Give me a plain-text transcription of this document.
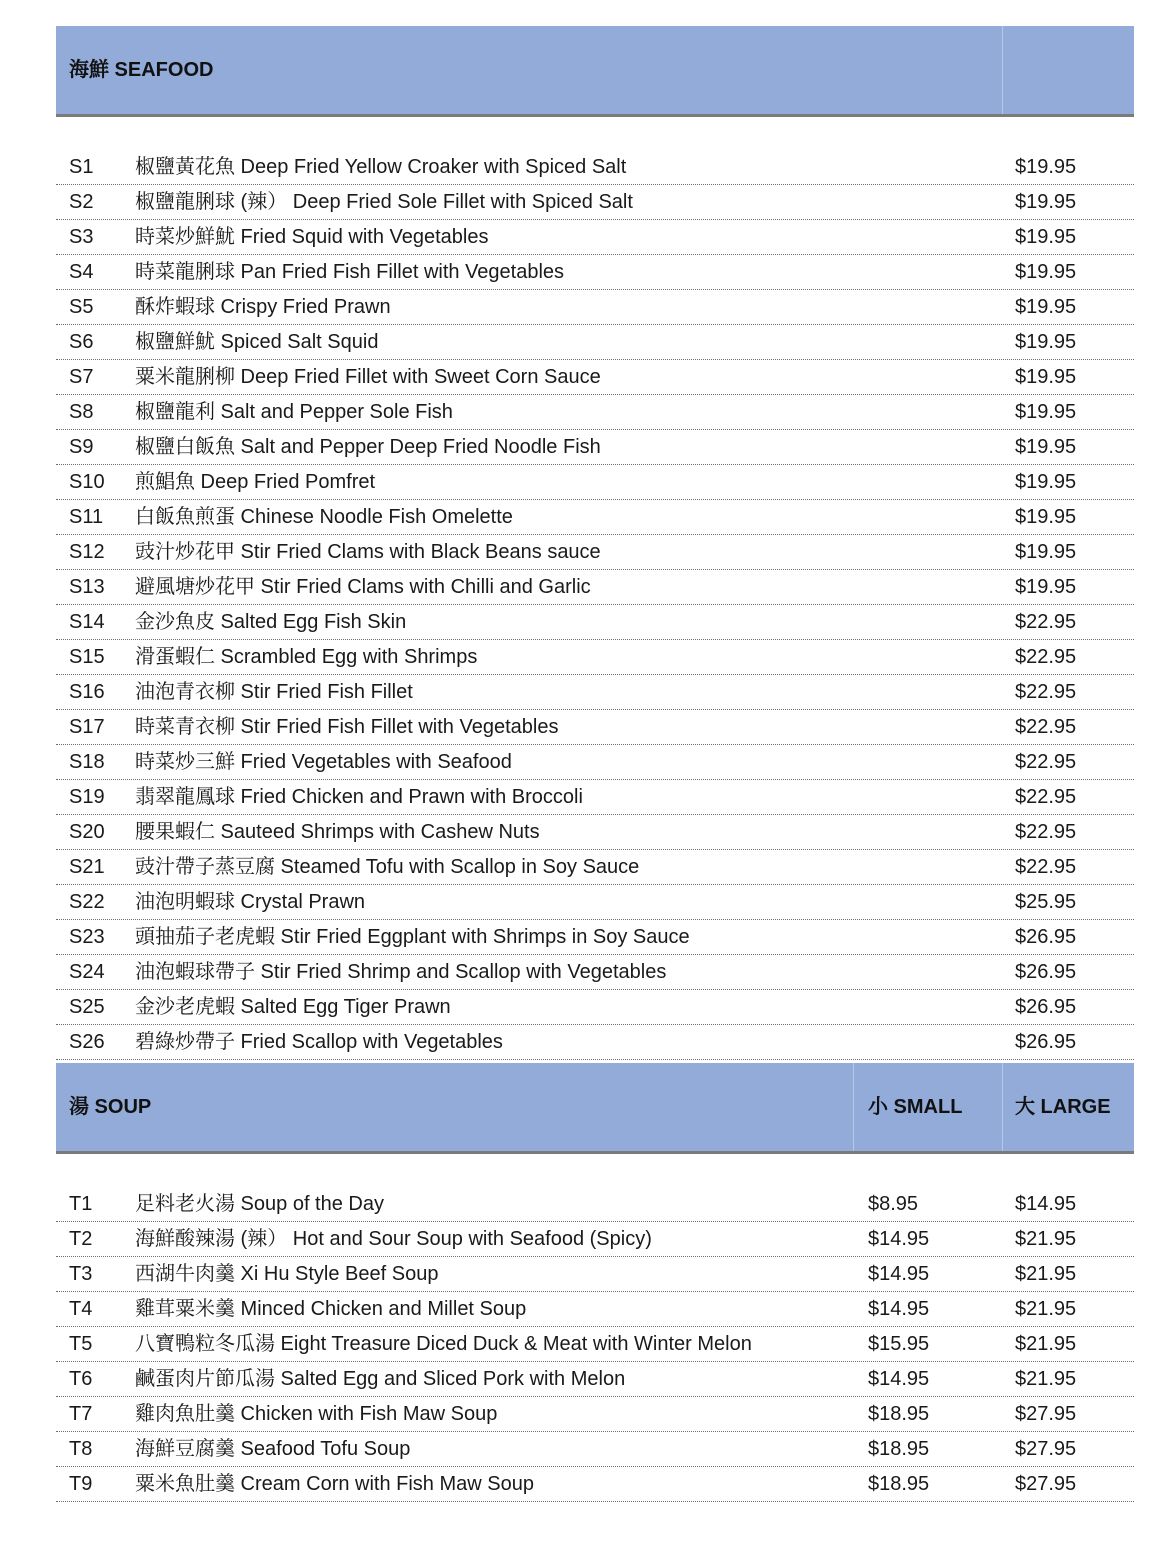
海鮮 SEAFOOD
S1 椒鹽黃花魚 Deep Fried Yellow Croaker with Spiced Salt	$19.95
S2 椒鹽龍脷球 (辣） Deep Fried Sole Fillet with Spiced Salt	$19.95
S3 時菜炒鮮魷 Fried Squid with Vegetables	$19.95
S4 時菜龍脷球 Pan Fried Fish Fillet with Vegetables	$19.95
S5 酥炸蝦球 Crispy Fried Prawn	$19.95
S6 椒鹽鮮魷 Spiced Salt Squid	$19.95
S7 粟米龍脷柳 Deep Fried Fillet with Sweet Corn Sauce	$19.95
S8 椒鹽龍利 Salt and Pepper Sole Fish	$19.95
S9 椒鹽白飯魚 Salt and Pepper Deep Fried Noodle Fish	$19.95
S10 煎鯧魚 Deep Fried Pomfret	$19.95
S11 白飯魚煎蛋 Chinese Noodle Fish Omelette	$19.95
S12 豉汁炒花甲 Stir Fried Clams with Black Beans sauce	$19.95
S13 避風塘炒花甲 Stir Fried Clams with Chilli and Garlic	$19.95
S14 金沙魚皮 Salted Egg Fish Skin	$22.95
S15 滑蛋蝦仁 Scrambled Egg with Shrimps	$22.95
S16 油泡青衣柳 Stir Fried Fish Fillet	$22.95
S17 時菜青衣柳 Stir Fried Fish Fillet with Vegetables	$22.95
S18 時菜炒三鮮 Fried Vegetables with Seafood	$22.95
S19 翡翠龍鳳球 Fried Chicken and Prawn with Broccoli	$22.95
S20 腰果蝦仁 Sauteed Shrimps with Cashew Nuts	$22.95
S21 豉汁帶子蒸豆腐 Steamed Tofu with Scallop in Soy Sauce	$22.95
S22 油泡明蝦球 Crystal Prawn	$25.95
S23 頭抽茄子老虎蝦 Stir Fried Eggplant with Shrimps in Soy Sauce	$26.95
S24 油泡蝦球帶子 Stir Fried Shrimp and Scallop with Vegetables	$26.95
S25 金沙老虎蝦 Salted Egg Tiger Prawn	$26.95
S26 碧綠炒帶子 Fried Scallop with Vegetables	$26.95
湯 SOUP	小 SMALL	大 LARGE
T1 足料老火湯 Soup of the Day	$8.95	$14.95
T2 海鮮酸辣湯 (辣） Hot and Sour Soup with Seafood (Spicy)	$14.95	$21.95
T3 西湖牛肉羹 Xi Hu Style Beef Soup	$14.95	$21.95
T4 雞茸粟米羹 Minced Chicken and Millet Soup	$14.95	$21.95
T5 八寶鴨粒冬瓜湯 Eight Treasure Diced Duck & Meat with Winter Melon	$15.95	$21.95
T6 鹹蛋肉片節瓜湯 Salted Egg and Sliced Pork with Melon	$14.95	$21.95
T7 雞肉魚肚羹 Chicken with Fish Maw Soup	$18.95	$27.95
T8 海鮮豆腐羹 Seafood Tofu Soup	$18.95	$27.95
T9 粟米魚肚羹 Cream Corn with Fish Maw Soup	$18.95	$27.95
